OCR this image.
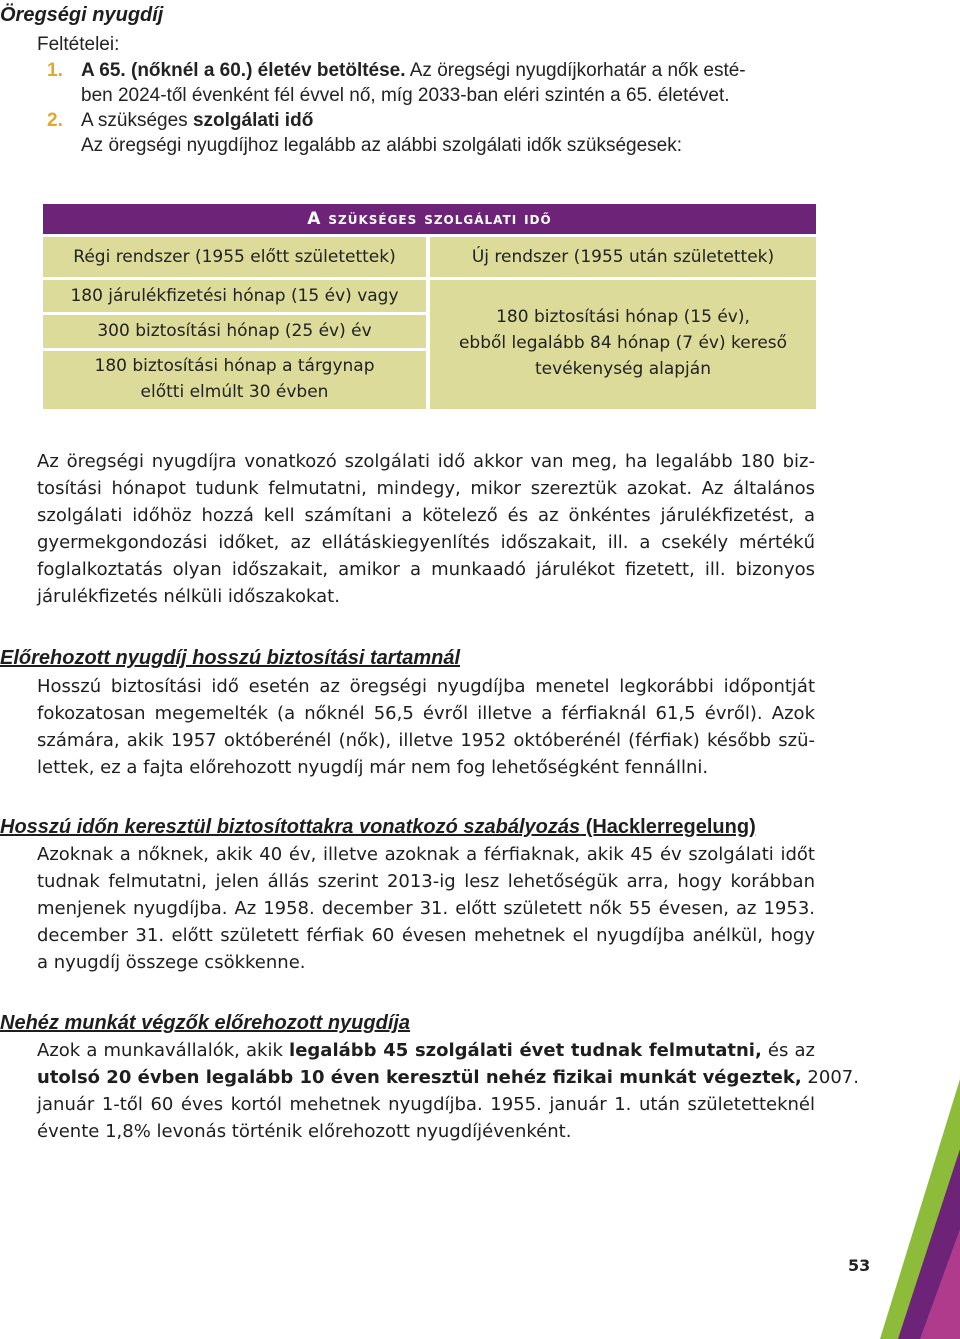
Öregségi nyugdíj
Feltételei:
1. A 65. (nőknél a 60.) életév betöltése. Az öregségi nyugdíjkorhatár a nők esté-
ben 2024-től évenként fél évvel nő, míg 2033-ban eléri szintén a 65. életévet.
2. A szükséges szolgálati idő
Az öregségi nyugdíjhoz legalább az alábbi szolgálati idők szükségesek:
A szükséges szolgálati idő
Régi rendszer (1955 előtt születettek)	Új rendszer (1955 után születettek)
180 járulékfizetési hónap (15 év) vagy
300 biztosítási hónap (25 év) év
180 biztosítási hónap a tárgynap
előtti elmúlt 30 évben
180 biztosítási hónap (15 év),
ebből legalább 84 hónap (7 év) kereső
tevékenység alapján
Az öregségi nyugdíjra vonatkozó szolgálati idő akkor van meg, ha legalább 180 biz-
tosítási hónapot tudunk felmutatni, mindegy, mikor szereztük azokat. Az általános
szolgálati időhöz hozzá kell számítani a kötelező és az önkéntes járulékfizetést, a
gyermekgondozási időket, az ellátáskiegyenlítés időszakait, ill. a csekély mértékű
foglalkoztatás olyan időszakait, amikor a munkaadó járulékot fizetett, ill. bizonyos
járulékfizetés nélküli időszakokat.
Előrehozott nyugdíj hosszú biztosítási tartamnál
Hosszú biztosítási idő esetén az öregségi nyugdíjba menetel legkorábbi időpontját
fokozatosan megemelték (a nőknél 56,5 évről illetve a férfiaknál 61,5 évről). Azok
számára, akik 1957 októberénél (nők), illetve 1952 októberénél (férfiak) később szü-
lettek, ez a fajta előrehozott nyugdíj már nem fog lehetőségként fennállni.
Hosszú időn keresztül biztosítottakra vonatkozó szabályozás (Hacklerregelung)
Azoknak a nőknek, akik 40 év, illetve azoknak a férfiaknak, akik 45 év szolgálati időt
tudnak felmutatni, jelen állás szerint 2013-ig lesz lehetőségük arra, hogy korábban
menjenek nyugdíjba. Az 1958. december 31. előtt született nők 55 évesen, az 1953.
december 31. előtt született férfiak 60 évesen mehetnek el nyugdíjba anélkül, hogy
a nyugdíj összege csökkenne.
Nehéz munkát végzők előrehozott nyugdíja
Azok a munkavállalók, akik legalább 45 szolgálati évet tudnak felmutatni, és az
utolsó 20 évben legalább 10 éven keresztül nehéz fizikai munkát végeztek, 2007.
január 1-től 60 éves kortól mehetnek nyugdíjba. 1955. január 1. után születetteknél
évente 1,8% levonás történik előrehozott nyugdíjévenként.
53
